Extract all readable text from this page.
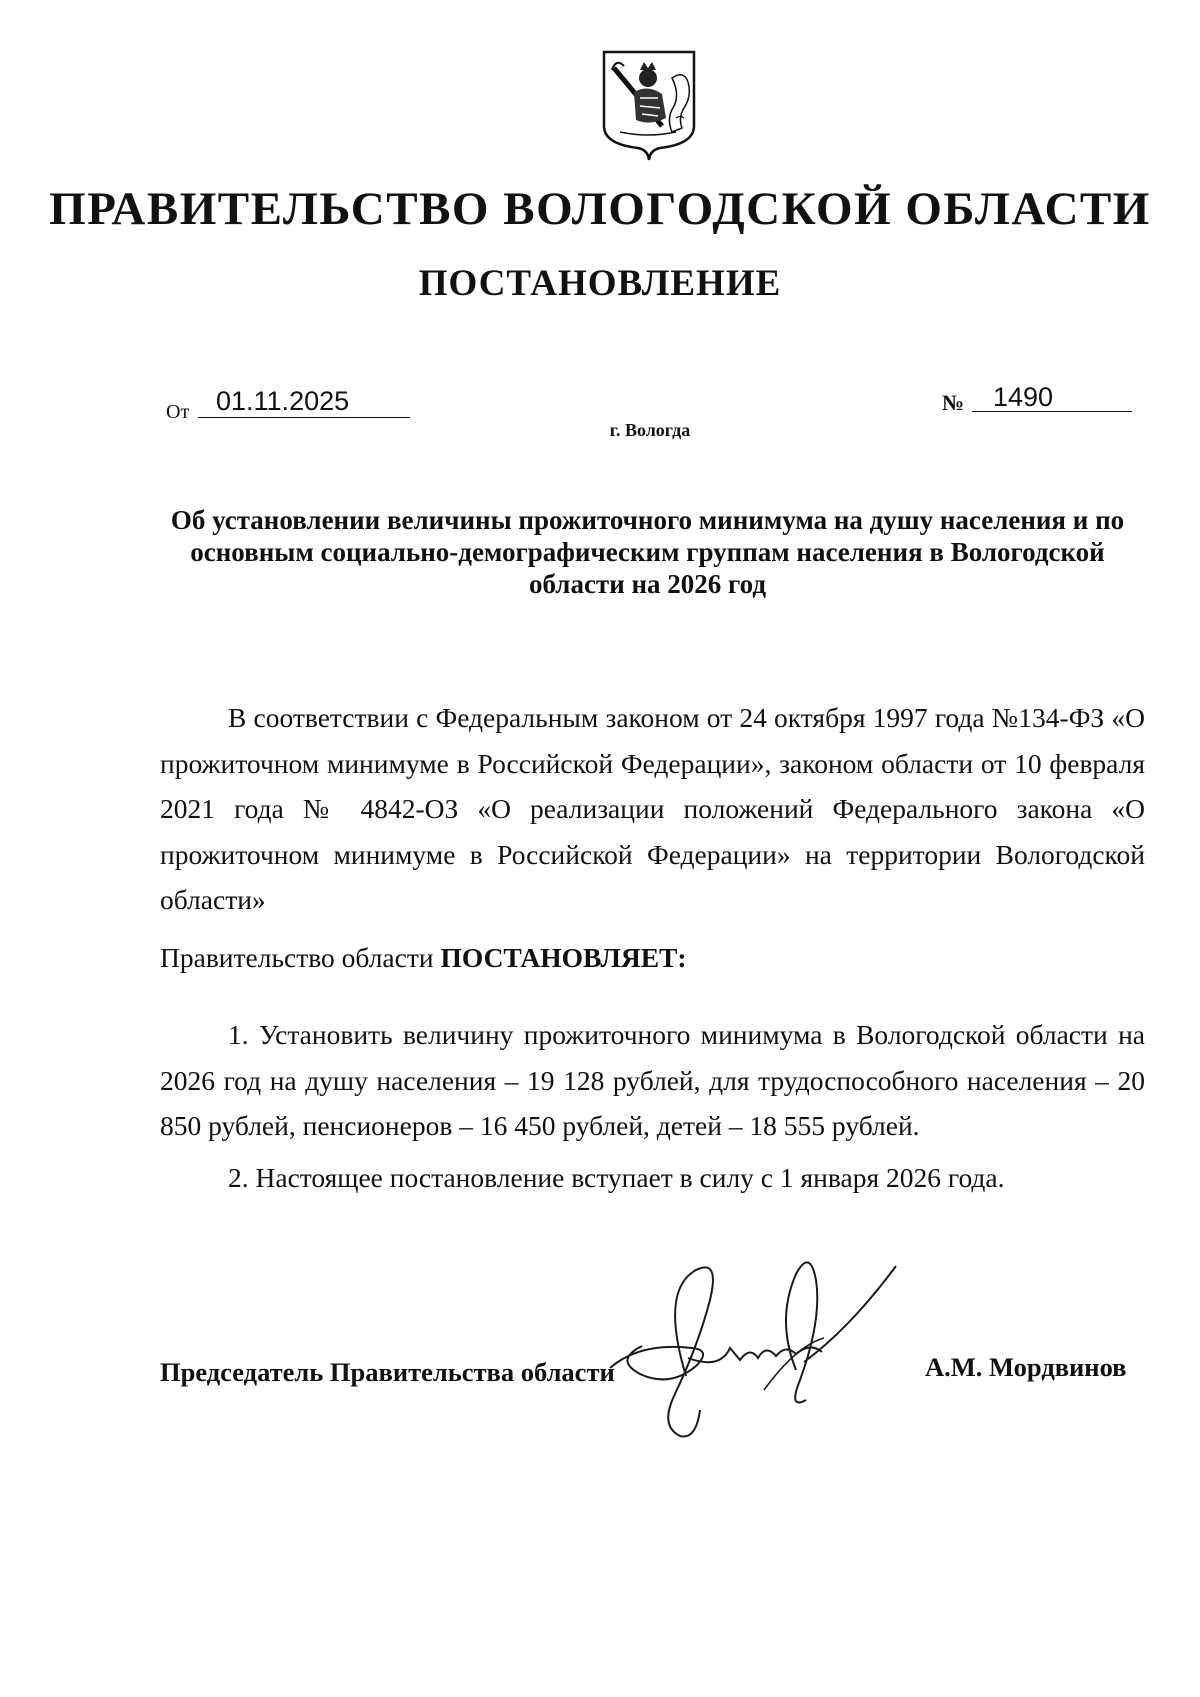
ПРАВИТЕЛЬСТВО ВОЛОГОДСКОЙ ОБЛАСТИ
ПОСТАНОВЛЕНИЕ
От 01.11.2025	№ 1490
г. Вологда
Об установлении величины прожиточного минимума на душу населения и по основным социально-демографическим группам населения в Вологодской области на 2026 год
В соответствии с Федеральным законом от 24 октября 1997 года №134-ФЗ «О прожиточном минимуме в Российской Федерации», законом области от 10 февраля 2021 года № 4842-ОЗ «О реализации положений Федерального закона «О прожиточном минимуме в Российской Федерации» на территории Вологодской области»
Правительство области ПОСТАНОВЛЯЕТ:
1. Установить величину прожиточного минимума в Вологодской области на 2026 год на душу населения – 19 128 рублей, для трудоспособного населения – 20 850 рублей, пенсионеров – 16 450 рублей, детей – 18 555 рублей.
2. Настоящее постановление вступает в силу с 1 января 2026 года.
Председатель Правительства области	А.М. Мордвинов
